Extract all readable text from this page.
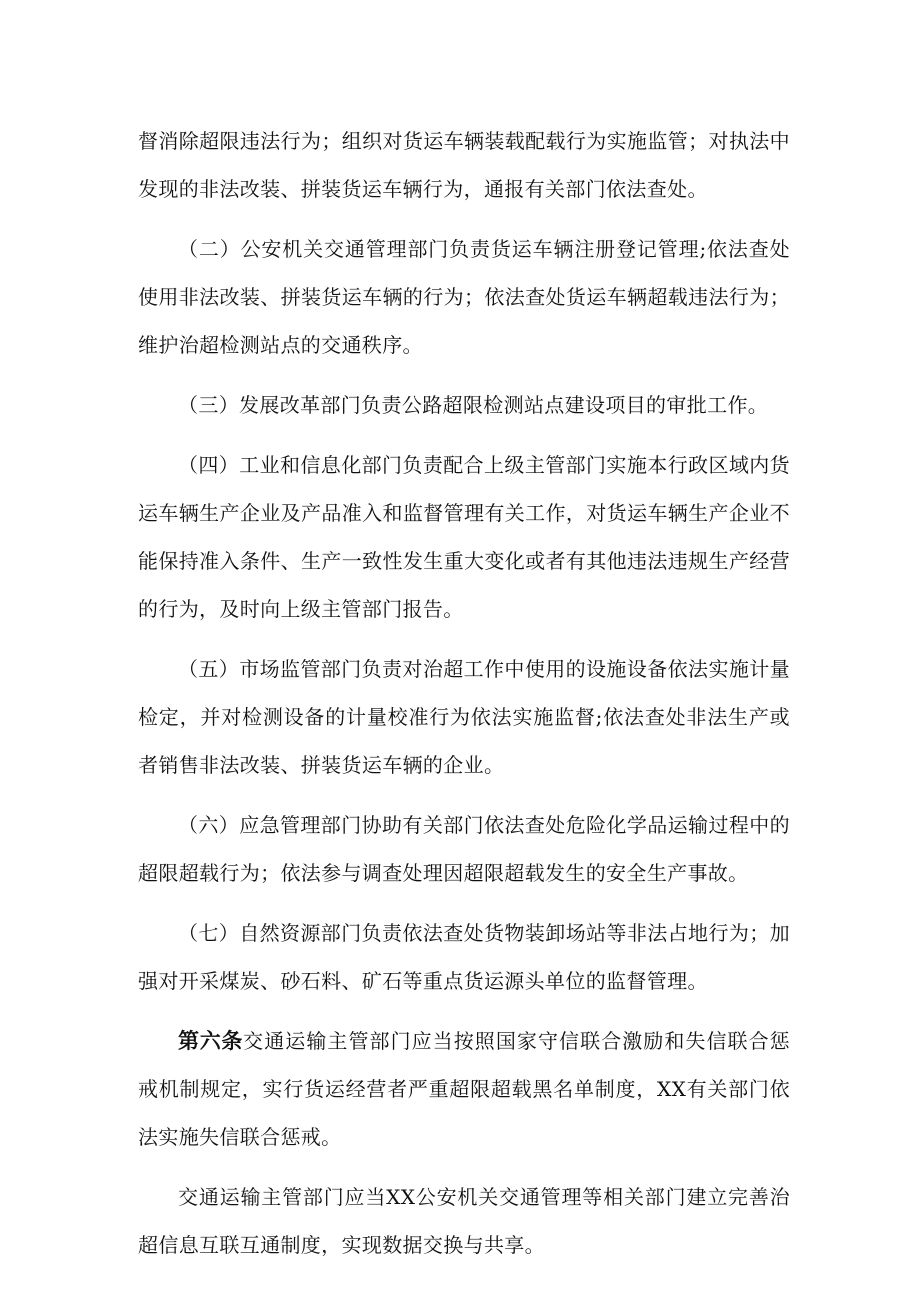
督消除超限违法行为；组织对货运车辆装载配载行为实施监管；对执法中发现的非法改装、拼装货运车辆行为，通报有关部门依法查处。

（二）公安机关交通管理部门负责货运车辆注册登记管理;依法查处使用非法改装、拼装货运车辆的行为；依法查处货运车辆超载违法行为；维护治超检测站点的交通秩序。

（三）发展改革部门负责公路超限检测站点建设项目的审批工作。

（四）工业和信息化部门负责配合上级主管部门实施本行政区域内货运车辆生产企业及产品准入和监督管理有关工作，对货运车辆生产企业不能保持准入条件、生产一致性发生重大变化或者有其他违法违规生产经营的行为，及时向上级主管部门报告。

（五）市场监管部门负责对治超工作中使用的设施设备依法实施计量检定，并对检测设备的计量校准行为依法实施监督;依法查处非法生产或者销售非法改装、拼装货运车辆的企业。

（六）应急管理部门协助有关部门依法查处危险化学品运输过程中的超限超载行为；依法参与调查处理因超限超载发生的安全生产事故。

（七）自然资源部门负责依法查处货物装卸场站等非法占地行为；加强对开采煤炭、砂石料、矿石等重点货运源头单位的监督管理。

第六条交通运输主管部门应当按照国家守信联合激励和失信联合惩戒机制规定，实行货运经营者严重超限超载黑名单制度，XX有关部门依法实施失信联合惩戒。

交通运输主管部门应当XX公安机关交通管理等相关部门建立完善治超信息互联互通制度，实现数据交换与共享。
